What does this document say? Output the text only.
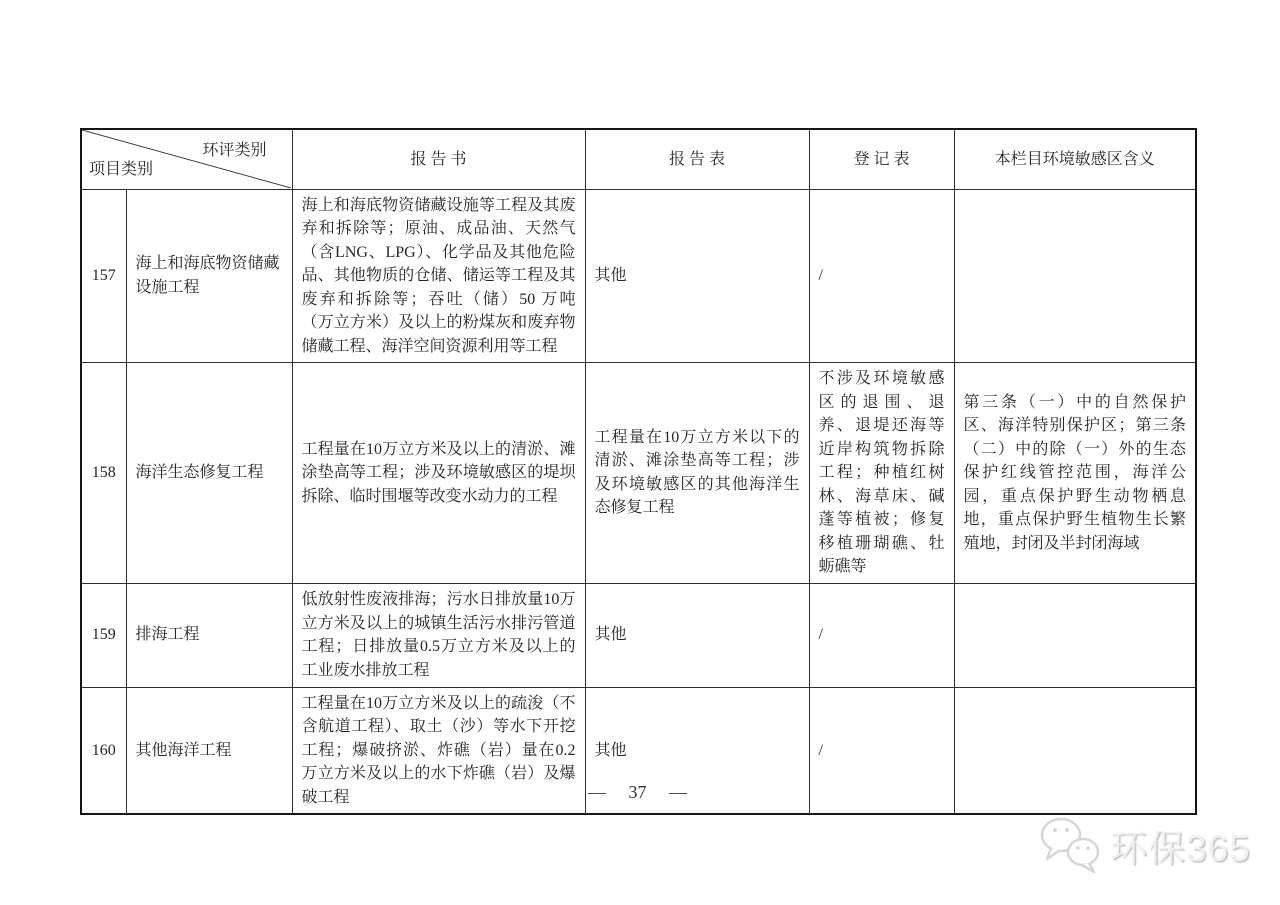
环评类别
项目类别		报 告 书	报 告 表	登 记 表	本栏目环境敏感区含义
157	海上和海底物资储藏设施工程	海上和海底物资储藏设施等工程及其废弃和拆除等；原油、成品油、天然气（含LNG、LPG）、化学品及其他危险品、其他物质的仓储、储运等工程及其废弃和拆除等；吞吐（储）50 万吨（万立方米）及以上的粉煤灰和废弃物储藏工程、海洋空间资源利用等工程	其他	/	
158	海洋生态修复工程	工程量在10万立方米及以上的清淤、滩涂垫高等工程；涉及环境敏感区的堤坝拆除、临时围堰等改变水动力的工程	工程量在10万立方米以下的清淤、滩涂垫高等工程；涉及环境敏感区的其他海洋生态修复工程	不涉及环境敏感区的退围、退养、退堤还海等近岸构筑物拆除工程；种植红树林、海草床、碱蓬等植被；修复移植珊瑚礁、牡蛎礁等	第三条（一）中的自然保护区、海洋特别保护区；第三条（二）中的除（一）外的生态保护红线管控范围，海洋公园，重点保护野生动物栖息地，重点保护野生植物生长繁殖地，封闭及半封闭海域
159	排海工程	低放射性废液排海；污水日排放量10万立方米及以上的城镇生活污水排污管道工程；日排放量0.5万立方米及以上的工业废水排放工程	其他	/	
160	其他海洋工程	工程量在10万立方米及以上的疏浚（不含航道工程）、取土（沙）等水下开挖工程；爆破挤淤、炸礁（岩）量在0.2万立方米及以上的水下炸礁（岩）及爆破工程	其他	/	
— 37 —
环保365
